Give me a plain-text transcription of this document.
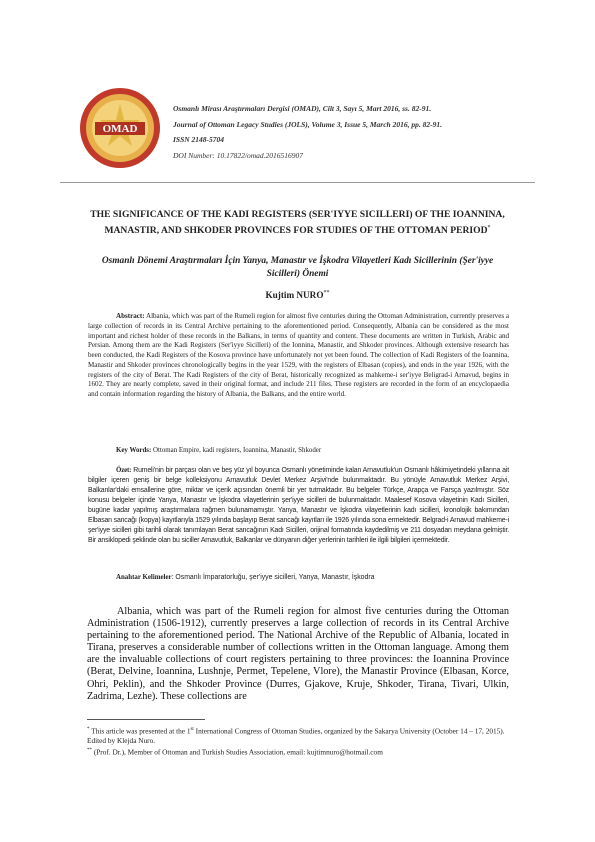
OMAD
Osmanlı Mirası Araştırmaları Dergisi (OMAD), Cilt 3, Sayı 5, Mart 2016, ss. 82-91.
Journal of Ottoman Legacy Studies (JOLS), Volume 3, Issue 5, March 2016, pp. 82-91.
ISSN 2148-5704
DOI Number: 10.17822/omad.2016516907
THE SIGNIFICANCE OF THE KADI REGISTERS (SER'IYYE SICILLERI) OF THE IOANNINA, MANASTIR, AND SHKODER PROVINCES FOR STUDIES OF THE OTTOMAN PERIOD*
Osmanlı Dönemi Araştırmaları İçin Yanya, Manastır ve İşkodra Vilayetleri Kadı Sicillerinin (Şer'iyye Sicilleri) Önemi
Kujtim NURO**
Abstract: Albania, which was part of the Rumeli region for almost five centuries during the Ottoman Administration, currently preserves a large collection of records in its Central Archive pertaining to the aforementioned period. Consequently, Albania can be considered as the most important and richest holder of these records in the Balkans, in terms of quantity and content. These documents are written in Turkish, Arabic and Persian. Among them are the Kadi Registers (Ser'iyye Sicilleri) of the Ionnina, Manastir, and Shkoder provinces. Although extensive research has been conducted, the Kadi Registers of the Kosova province have unfortunately not yet been found. The collection of Kadi Registers of the Ioannina, Manastir and Shkoder provinces chronologically begins in the year 1529, with the registers of Elbasan (copies), and ends in the year 1926, with the registers of the city of Berat. The Kadi Registers of the city of Berat, historically recognized as mahkeme-i ser'iyye Beligrad-i Arnavud, begins in 1602. They are nearly complete, saved in their original format, and include 211 files. These registers are recorded in the form of an encyclopaedia and contain information regarding the history of Albania, the Balkans, and the entire world.
Key Words: Ottoman Empire, kadi registers, Ioannina, Manastir, Shkoder
Özet: Rumeli'nin bir parçası olan ve beş yüz yıl boyunca Osmanlı yönetiminde kalan Arnavutluk'un Osmanlı hâkimiyetindeki yıllarına ait bilgiler içeren geniş bir belge kolleksiyonu Arnavutluk Devlet Merkez Arşivi'nde bulunmaktadır. Bu yönüyle Arnavutluk Merkez Arşivi, Balkanlar'daki emsallerine göre, miktar ve içerik açısından önemli bir yer tutmaktadır. Bu belgeler Türkçe, Arapça ve Farsça yazılmıştır. Söz konusu belgeler içinde Yanya, Manastır ve İşkodra vilayetlerinin şer'iyye sicilleri de bulunmaktadır. Maalesef Kosova vilayetinin Kadı Sicilleri, bugüne kadar yapılmış araştırmalara rağmen bulunamamıştır. Yanya, Manastır ve İşkodra vilayetlerinin kadı sicilleri, kronolojik bakımından Elbasan sancağı (kopya) kayıtlarıyla 1529 yılında başlayıp Berat sancağı kayıtları ile 1926 yılında sona ermektedir. Belgrad-i Arnavud mahkeme-i şer'iyye sicilleri gibi tarihli olarak tanımlayan Berat sancağının Kadı Sicilleri, orijinal formatında kaydedilmiş ve 211 dosyadan meydana gelmiştir. Bir ansiklopedi şeklinde olan bu siciller Arnavutluk, Balkanlar ve dünyanın diğer yerlerinin tarihleri ile ilgili bilgileri içermektedir.
Anahtar Kelimeler: Osmanlı İmparatorluğu, şer'iyye sicilleri, Yanya, Manastır, İşkodra
Albania, which was part of the Rumeli region for almost five centuries during the Ottoman Administration (1506-1912), currently preserves a large collection of records in its Central Archive pertaining to the aforementioned period. The National Archive of the Republic of Albania, located in Tirana, preserves a considerable number of collections written in the Ottoman language. Among them are the invaluable collections of court registers pertaining to three provinces: the Ioannina Province (Berat, Delvine, Ioannina, Lushnje, Permet, Tepelene, Vlore), the Manastir Province (Elbasan, Korce, Ohri, Peklin), and the Shkoder Province (Durres, Gjakove, Kruje, Shkoder, Tirana, Tivari, Ulkin, Zadrima, Lezhe). These collections are
* This article was presented at the 1st International Congress of Ottoman Studies, organized by the Sakarya University (October 14 – 17, 2015). Edited by Klejda Nuro.
** (Prof. Dr.), Member of Ottoman and Turkish Studies Association, email: kujtimnuro@hotmail.com
